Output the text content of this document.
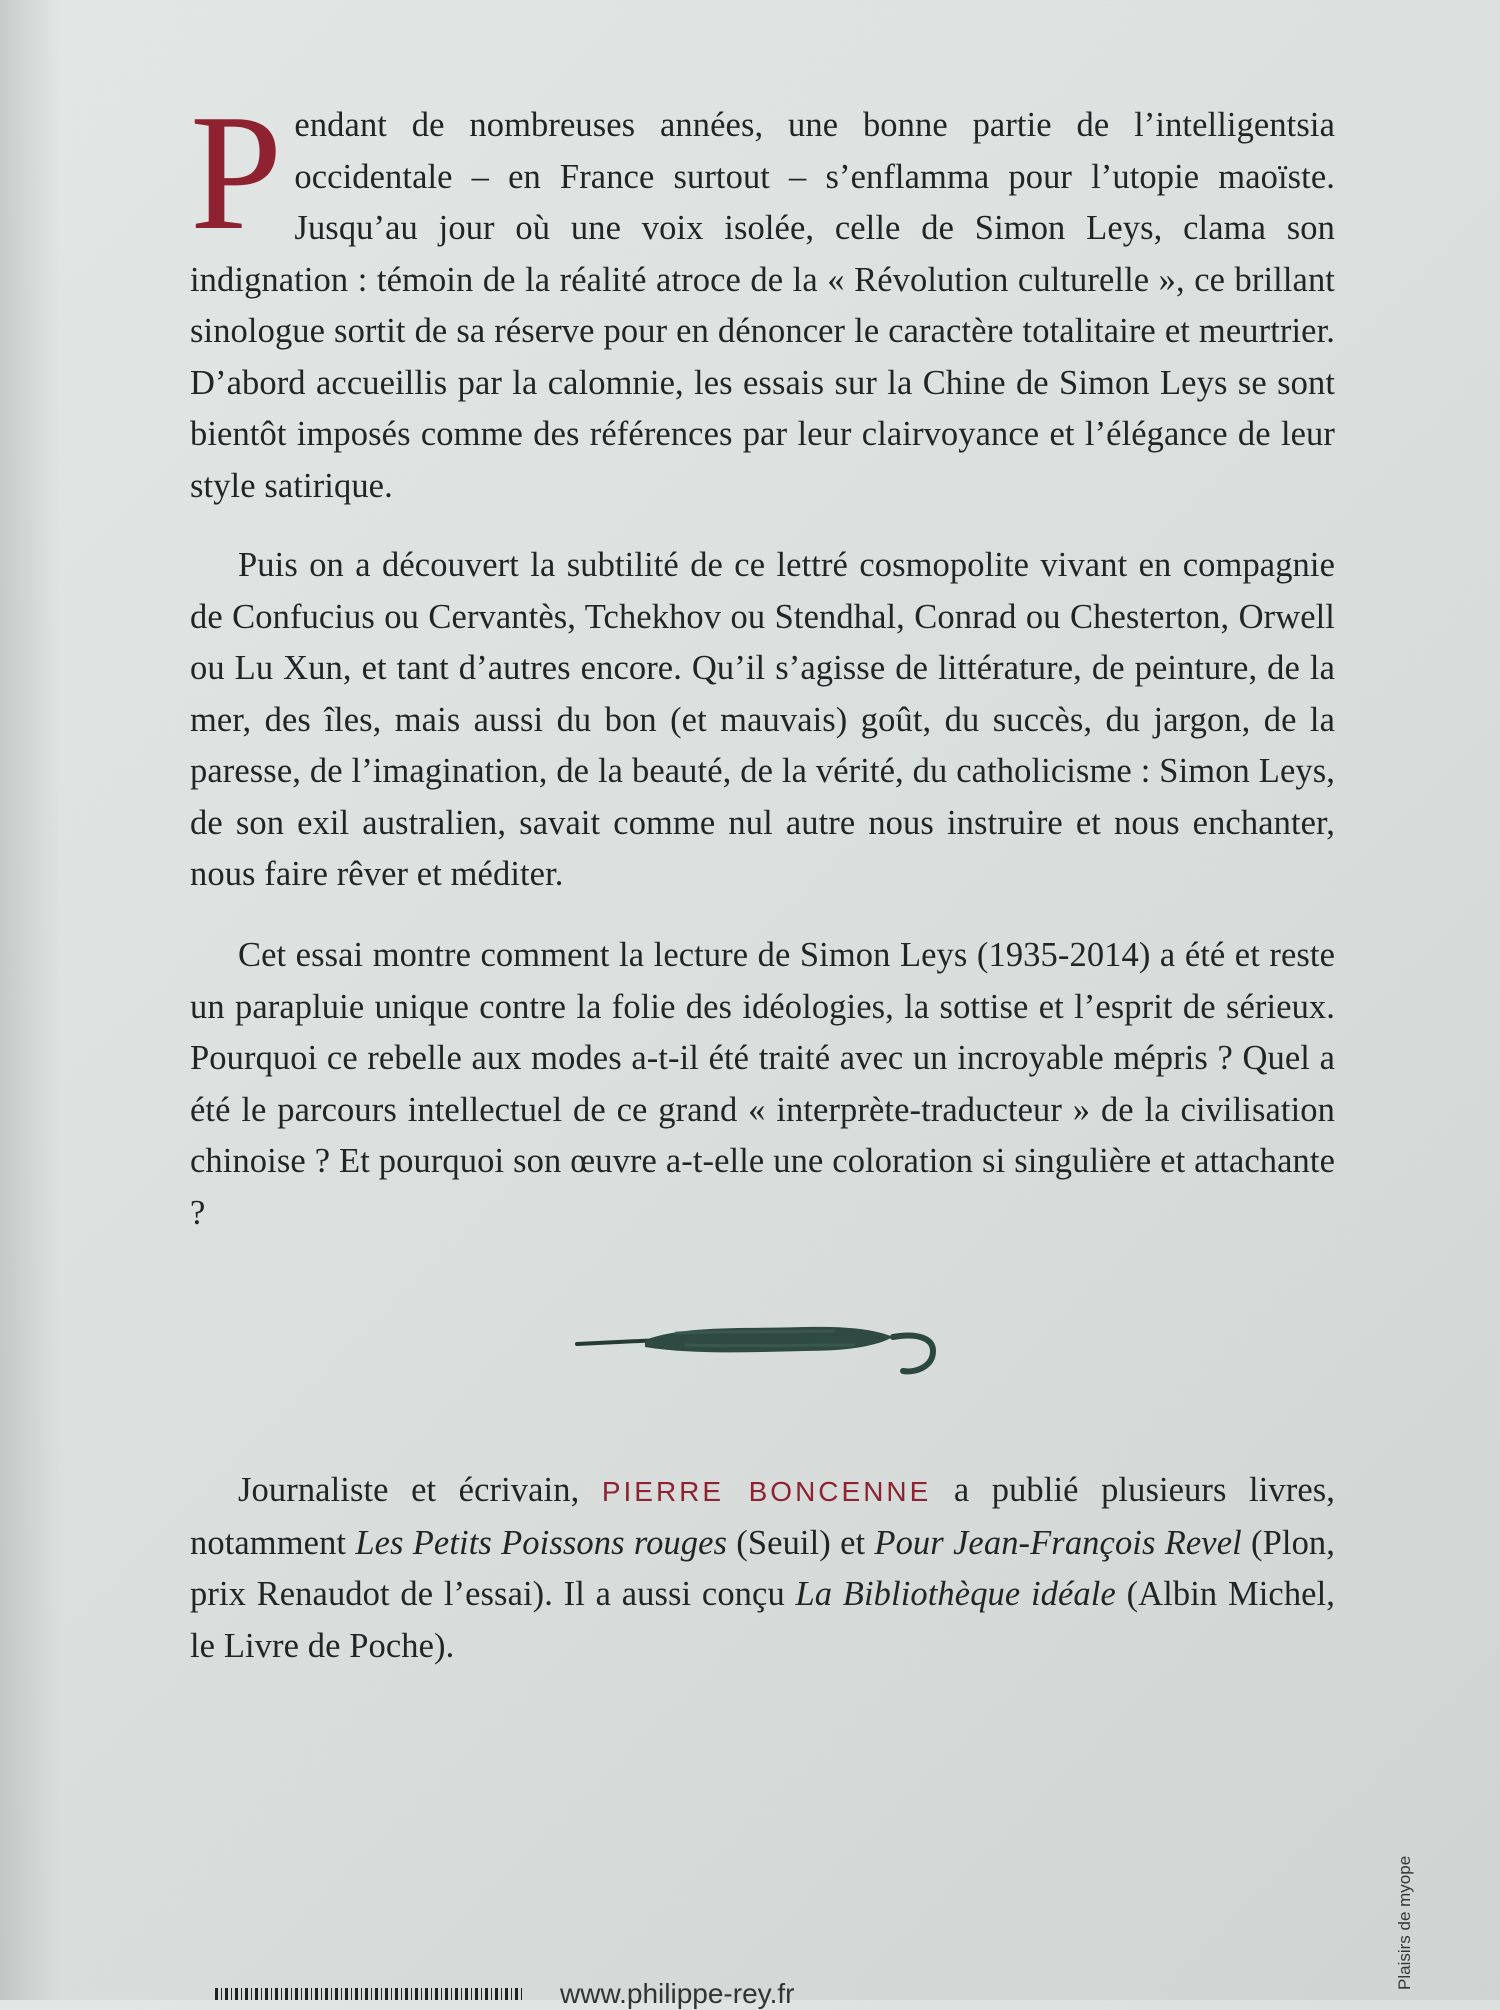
Pendant de nombreuses années, une bonne partie de l’intelligentsia occidentale – en France surtout – s’enflamma pour l’utopie maoïste. Jusqu’au jour où une voix isolée, celle de Simon Leys, clama son indignation : témoin de la réalité atroce de la « Révolution culturelle », ce brillant sinologue sortit de sa réserve pour en dénoncer le caractère totalitaire et meurtrier. D’abord accueillis par la calomnie, les essais sur la Chine de Simon Leys se sont bientôt imposés comme des références par leur clairvoyance et l’élégance de leur style satirique.

Puis on a découvert la subtilité de ce lettré cosmopolite vivant en compagnie de Confucius ou Cervantès, Tchekhov ou Stendhal, Conrad ou Chesterton, Orwell ou Lu Xun, et tant d’autres encore. Qu’il s’agisse de littérature, de peinture, de la mer, des îles, mais aussi du bon (et mauvais) goût, du succès, du jargon, de la paresse, de l’imagination, de la beauté, de la vérité, du catholicisme : Simon Leys, de son exil australien, savait comme nul autre nous instruire et nous enchanter, nous faire rêver et méditer.

Cet essai montre comment la lecture de Simon Leys (1935-2014) a été et reste un parapluie unique contre la folie des idéologies, la sottise et l’esprit de sérieux. Pourquoi ce rebelle aux modes a-t-il été traité avec un incroyable mépris ? Quel a été le parcours intellectuel de ce grand « interprète-traducteur » de la civilisation chinoise ? Et pourquoi son œuvre a-t-elle une coloration si singulière et attachante ?

Journaliste et écrivain, PIERRE BONCENNE a publié plusieurs livres, notamment Les Petits Poissons rouges (Seuil) et Pour Jean-François Revel (Plon, prix Renaudot de l’essai). Il a aussi conçu La Bibliothèque idéale (Albin Michel, le Livre de Poche).

Plaisirs de myope
www.philippe-rey.fr
